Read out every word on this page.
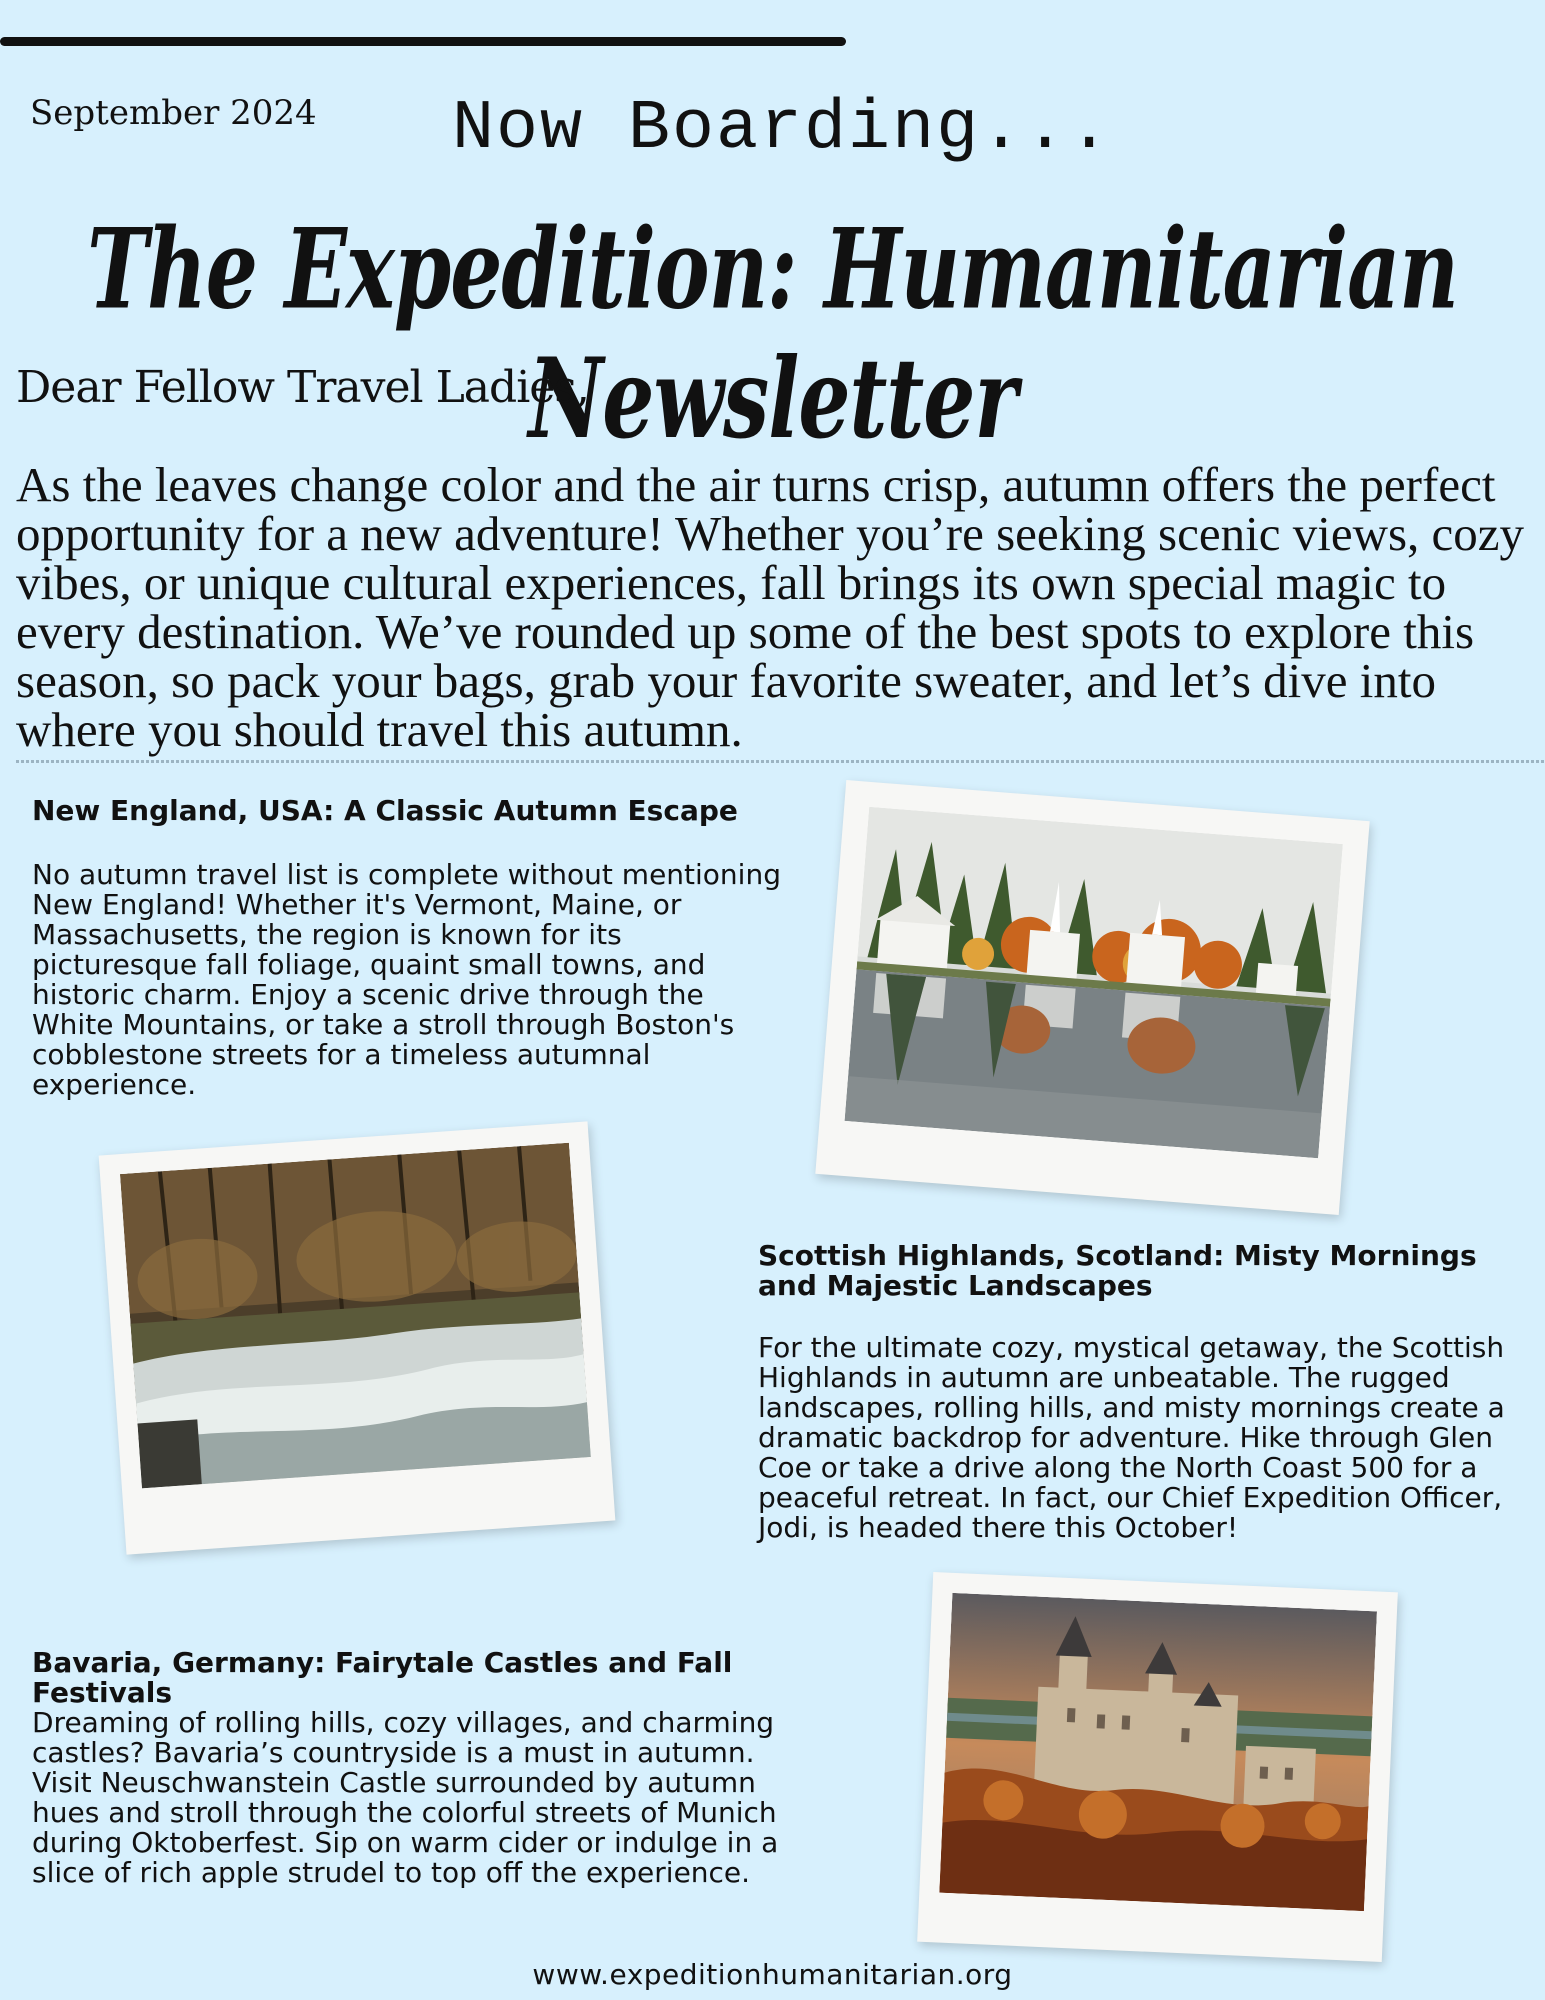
September 2024 Now Boarding...
The Expedition: Humanitarian Newsletter
Dear Fellow Travel Ladies,
As the leaves change color and the air turns crisp, autumn offers the perfect opportunity for a new adventure! Whether you’re seeking scenic views, cozy vibes, or unique cultural experiences, fall brings its own special magic to every destination. We’ve rounded up some of the best spots to explore this season, so pack your bags, grab your favorite sweater, and let’s dive into where you should travel this autumn.
New England, USA: A Classic Autumn Escape
No autumn travel list is complete without mentioning New England! Whether it's Vermont, Maine, or Massachusetts, the region is known for its picturesque fall foliage, quaint small towns, and historic charm. Enjoy a scenic drive through the White Mountains, or take a stroll through Boston's cobblestone streets for a timeless autumnal experience.
Scottish Highlands, Scotland: Misty Mornings and Majestic Landscapes
For the ultimate cozy, mystical getaway, the Scottish Highlands in autumn are unbeatable. The rugged landscapes, rolling hills, and misty mornings create a dramatic backdrop for adventure. Hike through Glen Coe or take a drive along the North Coast 500 for a peaceful retreat. In fact, our Chief Expedition Officer, Jodi, is headed there this October!
Bavaria, Germany: Fairytale Castles and Fall Festivals
Dreaming of rolling hills, cozy villages, and charming castles? Bavaria’s countryside is a must in autumn. Visit Neuschwanstein Castle surrounded by autumn hues and stroll through the colorful streets of Munich during Oktoberfest. Sip on warm cider or indulge in a slice of rich apple strudel to top off the experience.
www.expeditionhumanitarian.org
